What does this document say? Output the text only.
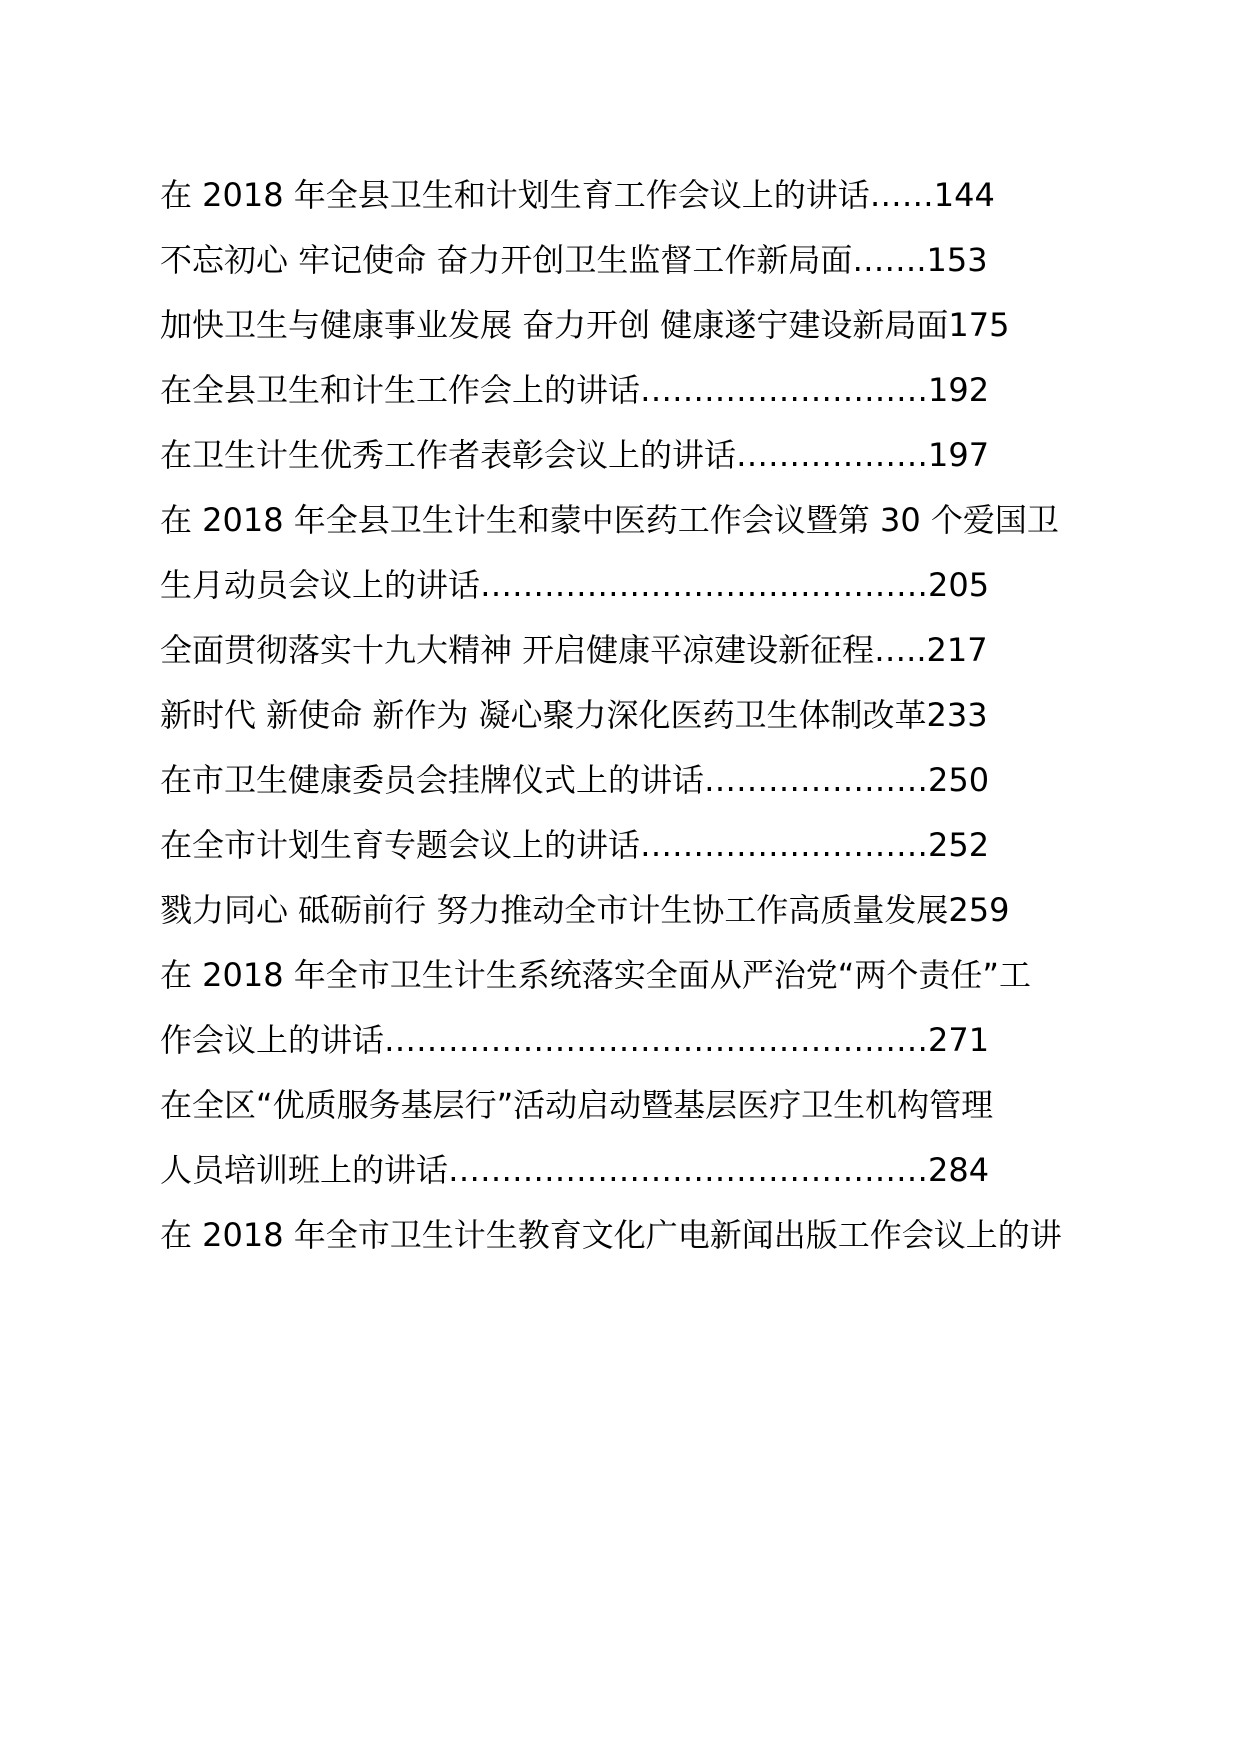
在 2018 年全县卫生和计划生育工作会议上的讲话……144
不忘初心 牢记使命 奋力开创卫生监督工作新局面…….153
加快卫生与健康事业发展 奋力开创 健康遂宁建设新局面175
在全县卫生和计生工作会上的讲话………………………192
在卫生计生优秀工作者表彰会议上的讲话………………197
在 2018 年全县卫生计生和蒙中医药工作会议暨第 30 个爱国卫
生月动员会议上的讲话……………………………………205
全面贯彻落实十九大精神 开启健康平凉建设新征程…..217
新时代 新使命 新作为 凝心聚力深化医药卫生体制改革233
在市卫生健康委员会挂牌仪式上的讲话…………………250
在全市计划生育专题会议上的讲话………………………252
戮力同心 砥砺前行 努力推动全市计生协工作高质量发展259
在 2018 年全市卫生计生系统落实全面从严治党“两个责任”工
作会议上的讲话……………………………………………271
在全区“优质服务基层行”活动启动暨基层医疗卫生机构管理
人员培训班上的讲话………………………………………284
在 2018 年全市卫生计生教育文化广电新闻出版工作会议上的讲
